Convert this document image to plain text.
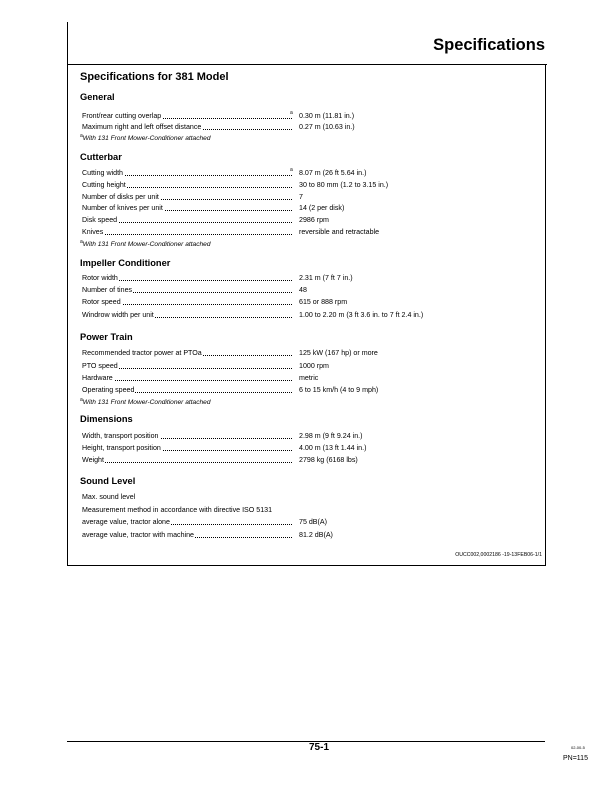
Specifications
Specifications for 381 Model
General
Front/rear cutting overlap	a 0.30 m (11.81 in.)
Maximum right and left offset distance	0.27 m (10.63 in.)
$^a$With 131 Front Mower-Conditioner attached
Cutterbar
Cutting width	a 8.07 m (26 ft 5.64 in.)
Cutting height	30 to 80 mm (1.2 to 3.15 in.)
Number of disks per unit	7
Number of knives per unit	14 (2 per disk)
Disk speed	2986 rpm
Knives	reversible and retractable
$^a$With 131 Front Mower-Conditioner attached
Impeller Conditioner
Rotor width	2.31 m (7 ft 7 in.)
Number of tines	48
Rotor speed	615 or 888 rpm
Windrow width per unit	1.00 to 2.20 m (3 ft 3.6 in. to 7 ft 2.4 in.)
Power Train
Recommended tractor power at PTOa	125 kW (167 hp) or more
PTO speed	1000 rpm
Hardware	metric
Operating speed	6 to 15 km/h (4 to 9 mph)
$^a$With 131 Front Mower-Conditioner attached
Dimensions
Width, transport position	2.98 m (9 ft 9.24 in.)
Height, transport position	4.00 m (13 ft 1.44 in.)
Weight	2798 kg (6168 lbs)
Sound Level
Max. sound level
Measurement method in accordance with directive ISO 5131
average value, tractor alone	75 dB(A)
average value, tractor with machine	81.2 dB(A)
OUCC002,0002186 -19-13FEB06-1/1
75-1	02-00-5
PN=115
